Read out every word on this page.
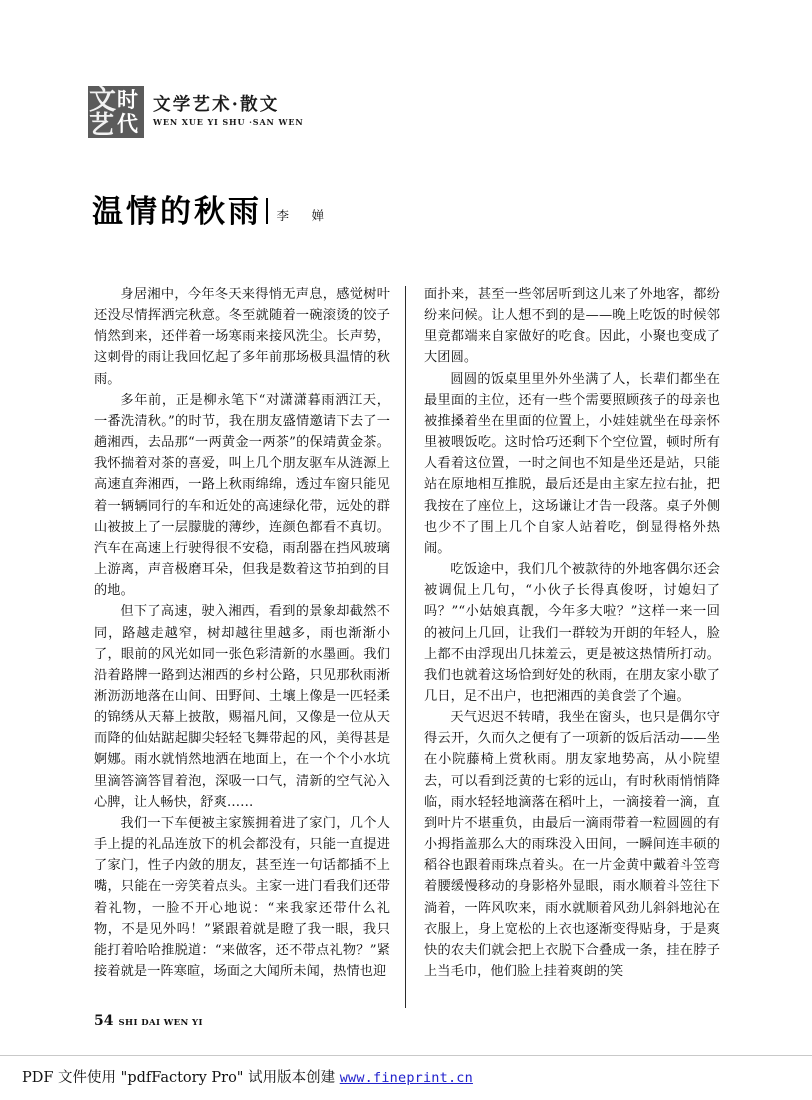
文
艺
时
代
文学艺术·散文
WEN XUE YI SHU ·SAN WEN
温情的秋雨 李　婵

身居湘中，今年冬天来得悄无声息，感觉树叶还没尽情挥洒完秋意。冬至就随着一碗滚烫的饺子悄然到来，还伴着一场寒雨来接风洗尘。长声势，这刺骨的雨让我回忆起了多年前那场极具温情的秋雨。

多年前，正是柳永笔下“对潇潇暮雨洒江天，一番洗清秋。”的时节，我在朋友盛情邀请下去了一趟湘西，去品那“一两黄金一两茶”的保靖黄金茶。我怀揣着对茶的喜爱，叫上几个朋友驱车从涟源上高速直奔湘西，一路上秋雨绵绵，透过车窗只能见着一辆辆同行的车和近处的高速绿化带，远处的群山被披上了一层朦胧的薄纱，连颜色都看不真切。汽车在高速上行驶得很不安稳，雨刮器在挡风玻璃上游离，声音极磨耳朵，但我是数着这节拍到的目的地。

但下了高速，驶入湘西，看到的景象却截然不同，路越走越窄，树却越往里越多，雨也渐渐小了，眼前的风光如同一张色彩清新的水墨画。我们沿着路牌一路到达湘西的乡村公路，只见那秋雨淅淅沥沥地落在山间、田野间、土壤上像是一匹轻柔的锦绣从天幕上披散，赐福凡间，又像是一位从天而降的仙姑踮起脚尖轻轻飞舞带起的风，美得甚是婀娜。雨水就悄然地洒在地面上，在一个个小水坑里滴答滴答冒着泡，深吸一口气，清新的空气沁入心脾，让人畅快，舒爽……

我们一下车便被主家簇拥着进了家门，几个人手上提的礼品连放下的机会都没有，只能一直提进了家门，性子内敛的朋友，甚至连一句话都插不上嘴，只能在一旁笑着点头。主家一进门看我们还带着礼物，一脸不开心地说：“来我家还带什么礼物，不是见外吗！”紧跟着就是瞪了我一眼，我只能打着哈哈推脱道：“来做客，还不带点礼物？”紧接着就是一阵寒暄，场面之大闻所未闻，热情也迎

面扑来，甚至一些邻居听到这儿来了外地客，都纷纷来问候。让人想不到的是——晚上吃饭的时候邻里竟都端来自家做好的吃食。因此，小聚也变成了大团圆。

圆圆的饭桌里里外外坐满了人，长辈们都坐在最里面的主位，还有一些个需要照顾孩子的母亲也被推搡着坐在里面的位置上，小娃娃就坐在母亲怀里被喂饭吃。这时恰巧还剩下个空位置，顿时所有人看着这位置，一时之间也不知是坐还是站，只能站在原地相互推脱，最后还是由主家左拉右扯，把我按在了座位上，这场谦让才告一段落。桌子外侧也少不了围上几个自家人站着吃，倒显得格外热闹。

吃饭途中，我们几个被款待的外地客偶尔还会被调侃上几句，“小伙子长得真俊呀，讨媳妇了吗？”“小姑娘真靓，今年多大啦？”这样一来一回的被问上几回，让我们一群较为开朗的年轻人，脸上都不由浮现出几抹羞云，更是被这热情所打动。我们也就着这场恰到好处的秋雨，在朋友家小歇了几日，足不出户，也把湘西的美食尝了个遍。

天气迟迟不转晴，我坐在窗头，也只是偶尔守得云开，久而久之便有了一项新的饭后活动——坐在小院藤椅上赏秋雨。朋友家地势高，从小院望去，可以看到泛黄的七彩的远山，有时秋雨悄悄降临，雨水轻轻地滴落在稻叶上，一滴接着一滴，直到叶片不堪重负，由最后一滴雨带着一粒圆圆的有小拇指盖那么大的雨珠没入田间，一瞬间连丰硕的稻谷也跟着雨珠点着头。在一片金黄中戴着斗笠弯着腰缓慢移动的身影格外显眼，雨水顺着斗笠往下淌着，一阵风吹来，雨水就顺着风劲儿斜斜地沁在衣服上，身上宽松的上衣也逐渐变得贴身，于是爽快的农夫们就会把上衣脱下合叠成一条，挂在脖子上当毛巾，他们脸上挂着爽朗的笑

54 SHI DAI WEN YI
PDF 文件使用 "pdfFactory Pro" 试用版本创建 www.fineprint.cn
